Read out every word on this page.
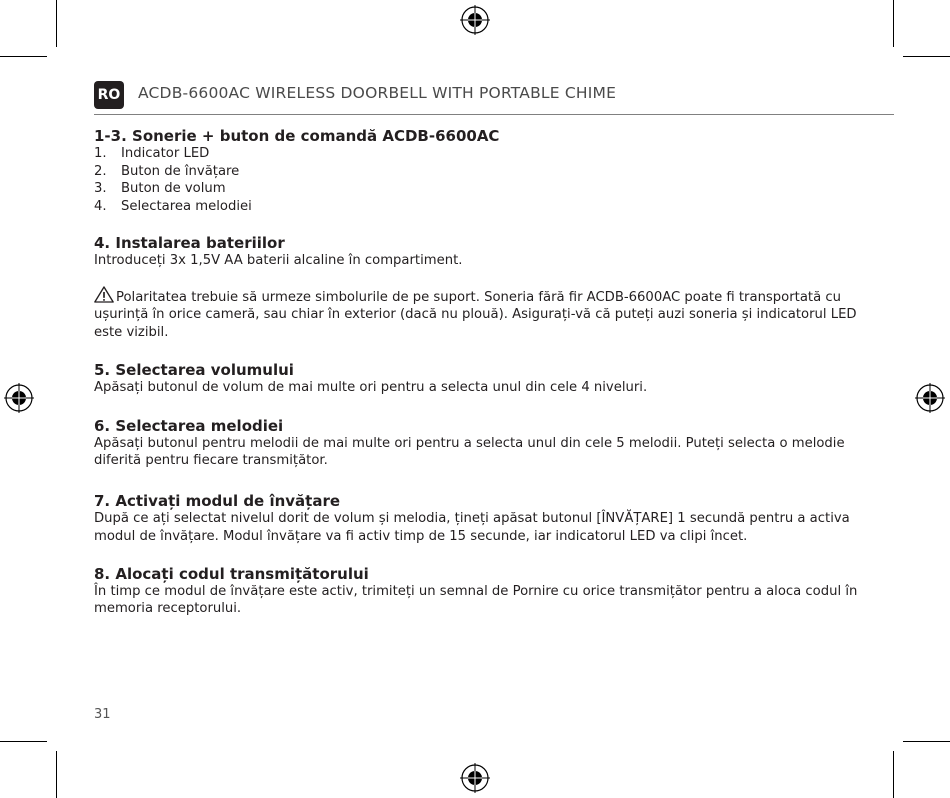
RO ACDB-6600AC WIRELESS DOORBELL WITH PORTABLE CHIME
1-3. Sonerie + buton de comandă ACDB-6600AC
1.	Indicator LED
2.	Buton de învățare
3.	Buton de volum
4.	Selectarea melodiei
4. Instalarea bateriilor

Introduceți 3x 1,5V AA baterii alcaline în compartiment.

Polaritatea trebuie să urmeze simbolurile de pe suport. Soneria fără fir ACDB-6600AC poate fi transportată cu ușurință în orice cameră, sau chiar în exterior (dacă nu plouă). Asigurați-vă că puteți auzi soneria și indicatorul LED este vizibil.

5. Selectarea volumului

Apăsați butonul de volum de mai multe ori pentru a selecta unul din cele 4 niveluri.

6. Selectarea melodiei

Apăsați butonul pentru melodii de mai multe ori pentru a selecta unul din cele 5 melodii. Puteți selecta o melodie diferită pentru fiecare transmițător.

7. Activați modul de învățare

După ce ați selectat nivelul dorit de volum și melodia, țineți apăsat butonul [ÎNVĂȚARE] 1 secundă pentru a activa modul de învățare. Modul învățare va fi activ timp de 15 secunde, iar indicatorul LED va clipi încet.

8. Alocați codul transmițătorului

În timp ce modul de învățare este activ, trimiteți un semnal de Pornire cu orice transmițător pentru a aloca codul în memoria receptorului.

31
